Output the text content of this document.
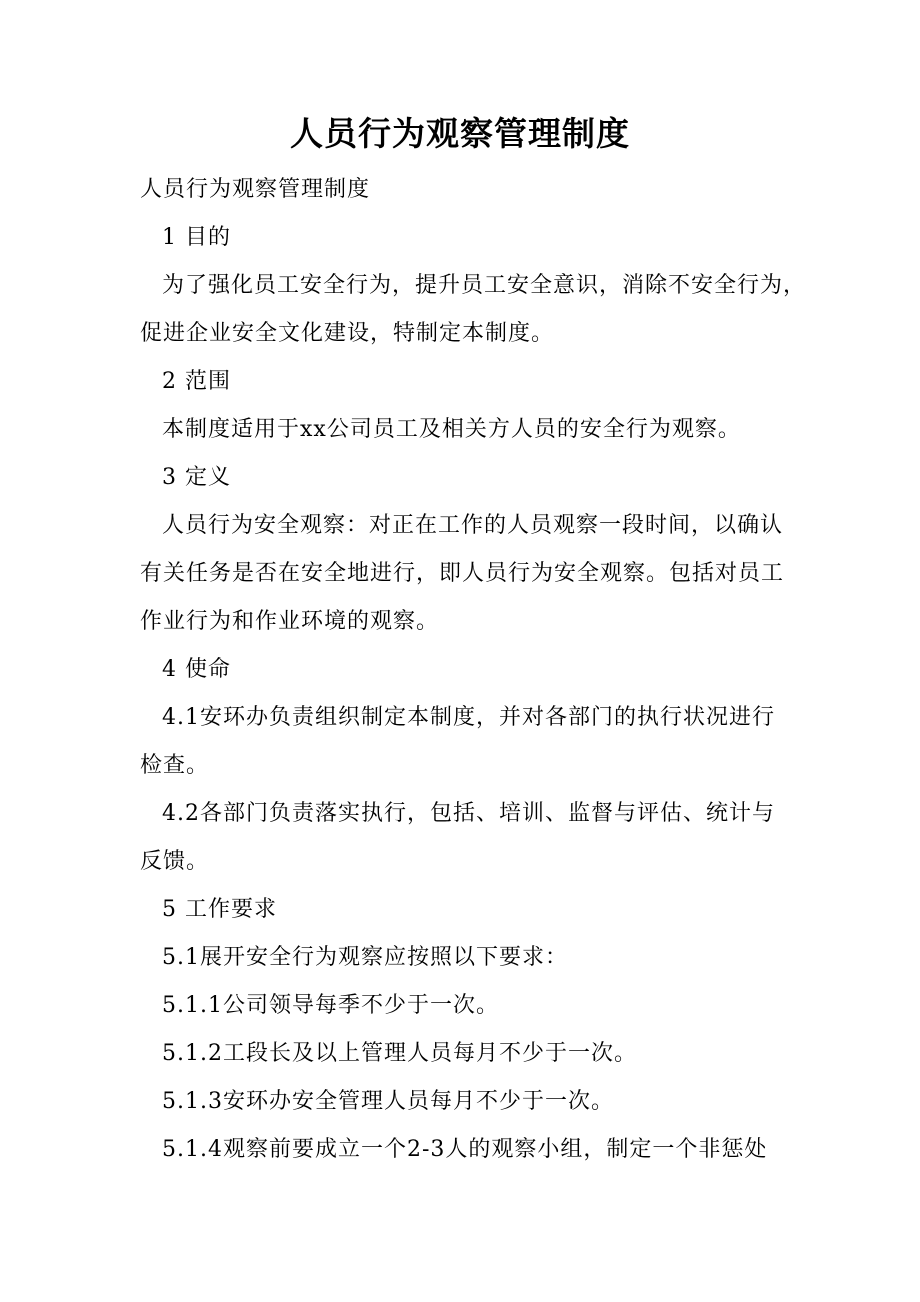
人员行为观察管理制度
人员行为观察管理制度
1 目的
为了强化员工安全行为，提升员工安全意识，消除不安全行为，
促进企业安全文化建设，特制定本制度。
2 范围
本制度适用于xx公司员工及相关方人员的安全行为观察。
3 定义
人员行为安全观察：对正在工作的人员观察一段时间，以确认
有关任务是否在安全地进行，即人员行为安全观察。包括对员工
作业行为和作业环境的观察。
4 使命
4.1安环办负责组织制定本制度，并对各部门的执行状况进行
检查。
4.2各部门负责落实执行，包括、培训、监督与评估、统计与
反馈。
5 工作要求
5.1展开安全行为观察应按照以下要求：
5.1.1公司领导每季不少于一次。
5.1.2工段长及以上管理人员每月不少于一次。
5.1.3安环办安全管理人员每月不少于一次。
5.1.4观察前要成立一个2-3人的观察小组，制定一个非惩处
